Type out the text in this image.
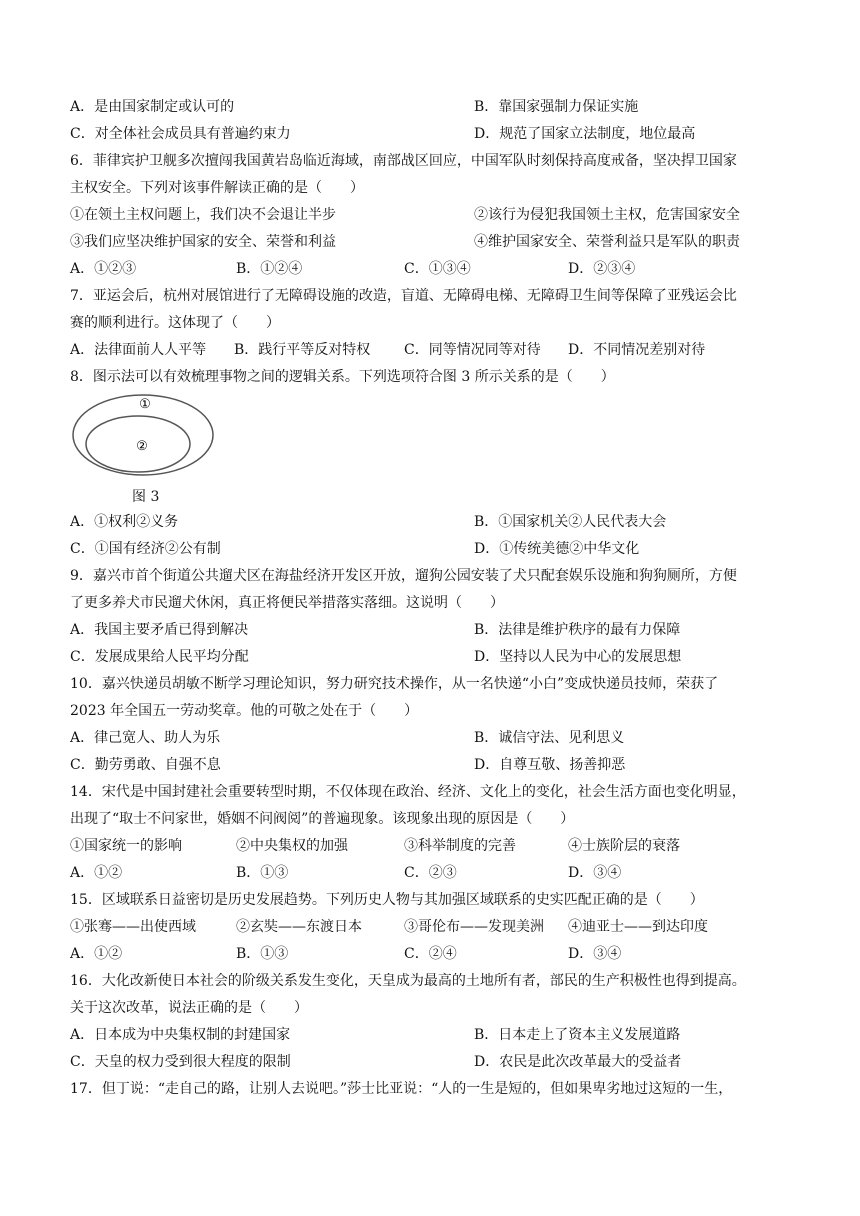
A．是由国家制定或认可的	B．靠国家强制力保证实施
C．对全体社会成员具有普遍约束力	D．规范了国家立法制度，地位最高
6．菲律宾护卫舰多次擅闯我国黄岩岛临近海域，南部战区回应，中国军队时刻保持高度戒备，坚决捍卫国家
主权安全。下列对该事件解读正确的是（　　）
①在领土主权问题上，我们决不会退让半步	②该行为侵犯我国领土主权，危害国家安全
③我们应坚决维护国家的安全、荣誉和利益	④维护国家安全、荣誉利益只是军队的职责
A．①②③	B．①②④	C．①③④	D．②③④
7．亚运会后，杭州对展馆进行了无障碍设施的改造，盲道、无障碍电梯、无障碍卫生间等保障了亚残运会比
赛的顺利进行。这体现了（　　）
A．法律面前人人平等 B．践行平等反对特权 C．同等情况同等对待 D．不同情况差别对待
8．图示法可以有效梳理事物之间的逻辑关系。下列选项符合图 3 所示关系的是（　　）
①
②
图 3
A．①权利②义务	B．①国家机关②人民代表大会
C．①国有经济②公有制	D．①传统美德②中华文化
9．嘉兴市首个街道公共遛犬区在海盐经济开发区开放，遛狗公园安装了犬只配套娱乐设施和狗狗厕所，方便
了更多养犬市民遛犬休闲，真正将便民举措落实落细。这说明（　　）
A．我国主要矛盾已得到解决	B．法律是维护秩序的最有力保障
C．发展成果给人民平均分配	D．坚持以人民为中心的发展思想
10．嘉兴快递员胡敏不断学习理论知识，努力研究技术操作，从一名快递“小白”变成快递员技师，荣获了
2023 年全国五一劳动奖章。他的可敬之处在于（　　）
A．律己宽人、助人为乐	B．诚信守法、见利思义
C．勤劳勇敢、自强不息	D．自尊互敬、扬善抑恶
14．宋代是中国封建社会重要转型时期，不仅体现在政治、经济、文化上的变化，社会生活方面也变化明显，
出现了“取士不问家世，婚姻不问阀阅”的普遍现象。该现象出现的原因是（　　）
①国家统一的影响	②中央集权的加强	③科举制度的完善	④士族阶层的衰落
A．①②	B．①③	C．②③	D．③④
15．区域联系日益密切是历史发展趋势。下列历史人物与其加强区域联系的史实匹配正确的是（　　）
①张骞——出使西域	②玄奘——东渡日本	③哥伦布——发现美洲 ④迪亚士——到达印度
A．①②	B．①③	C．②④	D．③④
16．大化改新使日本社会的阶级关系发生变化，天皇成为最高的土地所有者，部民的生产积极性也得到提高。
关于这次改革，说法正确的是（　　）
A．日本成为中央集权制的封建国家	B．日本走上了资本主义发展道路
C．天皇的权力受到很大程度的限制	D．农民是此次改革最大的受益者
17．但丁说：“走自己的路，让别人去说吧。”莎士比亚说：“人的一生是短的，但如果卑劣地过这短的一生，
